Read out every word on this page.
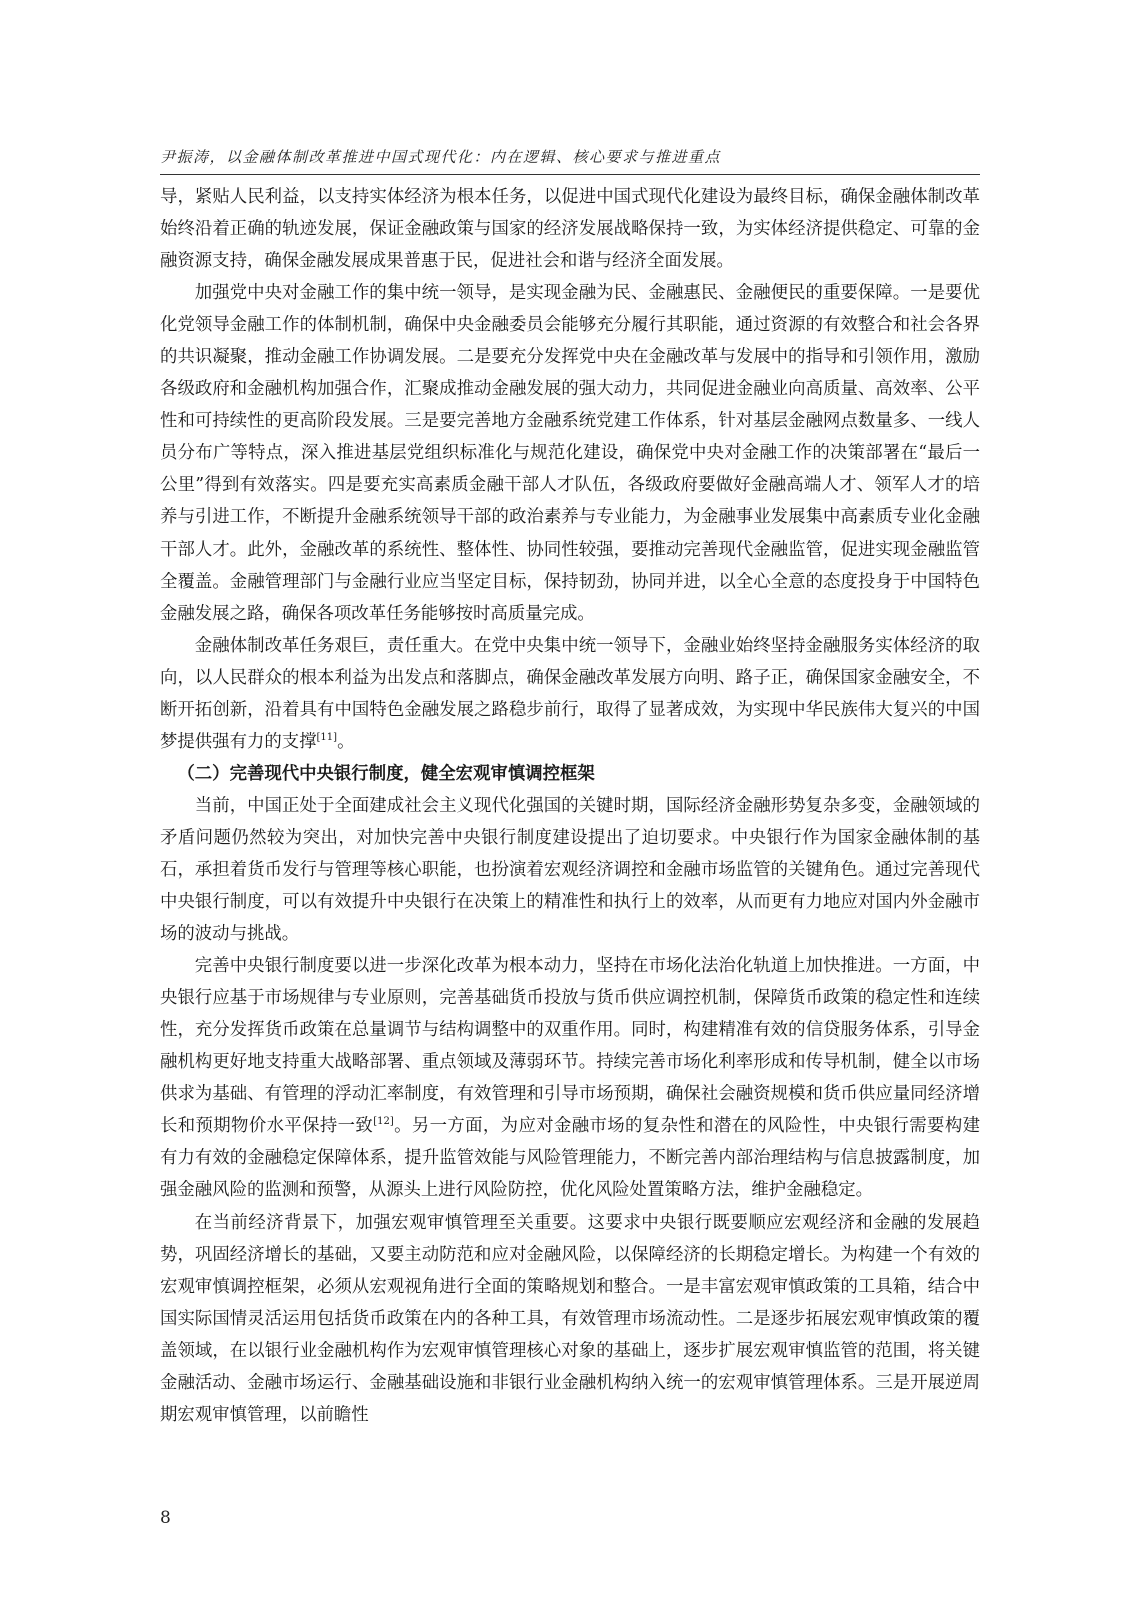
尹振涛，以金融体制改革推进中国式现代化：内在逻辑、核心要求与推进重点

导，紧贴人民利益，以支持实体经济为根本任务，以促进中国式现代化建设为最终目标，确保金融体制改革始终沿着正确的轨迹发展，保证金融政策与国家的经济发展战略保持一致，为实体经济提供稳定、可靠的金融资源支持，确保金融发展成果普惠于民，促进社会和谐与经济全面发展。

加强党中央对金融工作的集中统一领导，是实现金融为民、金融惠民、金融便民的重要保障。一是要优化党领导金融工作的体制机制，确保中央金融委员会能够充分履行其职能，通过资源的有效整合和社会各界的共识凝聚，推动金融工作协调发展。二是要充分发挥党中央在金融改革与发展中的指导和引领作用，激励各级政府和金融机构加强合作，汇聚成推动金融发展的强大动力，共同促进金融业向高质量、高效率、公平性和可持续性的更高阶段发展。三是要完善地方金融系统党建工作体系，针对基层金融网点数量多、一线人员分布广等特点，深入推进基层党组织标准化与规范化建设，确保党中央对金融工作的决策部署在“最后一公里”得到有效落实。四是要充实高素质金融干部人才队伍，各级政府要做好金融高端人才、领军人才的培养与引进工作，不断提升金融系统领导干部的政治素养与专业能力，为金融事业发展集中高素质专业化金融干部人才。此外，金融改革的系统性、整体性、协同性较强，要推动完善现代金融监管，促进实现金融监管全覆盖。金融管理部门与金融行业应当坚定目标，保持韧劲，协同并进，以全心全意的态度投身于中国特色金融发展之路，确保各项改革任务能够按时高质量完成。

金融体制改革任务艰巨，责任重大。在党中央集中统一领导下，金融业始终坚持金融服务实体经济的取向，以人民群众的根本利益为出发点和落脚点，确保金融改革发展方向明、路子正，确保国家金融安全，不断开拓创新，沿着具有中国特色金融发展之路稳步前行，取得了显著成效，为实现中华民族伟大复兴的中国梦提供强有力的支撑[11]。

（二）完善现代中央银行制度，健全宏观审慎调控框架

当前，中国正处于全面建成社会主义现代化强国的关键时期，国际经济金融形势复杂多变，金融领域的矛盾问题仍然较为突出，对加快完善中央银行制度建设提出了迫切要求。中央银行作为国家金融体制的基石，承担着货币发行与管理等核心职能，也扮演着宏观经济调控和金融市场监管的关键角色。通过完善现代中央银行制度，可以有效提升中央银行在决策上的精准性和执行上的效率，从而更有力地应对国内外金融市场的波动与挑战。

完善中央银行制度要以进一步深化改革为根本动力，坚持在市场化法治化轨道上加快推进。一方面，中央银行应基于市场规律与专业原则，完善基础货币投放与货币供应调控机制，保障货币政策的稳定性和连续性，充分发挥货币政策在总量调节与结构调整中的双重作用。同时，构建精准有效的信贷服务体系，引导金融机构更好地支持重大战略部署、重点领域及薄弱环节。持续完善市场化利率形成和传导机制，健全以市场供求为基础、有管理的浮动汇率制度，有效管理和引导市场预期，确保社会融资规模和货币供应量同经济增长和预期物价水平保持一致[12]。另一方面，为应对金融市场的复杂性和潜在的风险性，中央银行需要构建有力有效的金融稳定保障体系，提升监管效能与风险管理能力，不断完善内部治理结构与信息披露制度，加强金融风险的监测和预警，从源头上进行风险防控，优化风险处置策略方法，维护金融稳定。

在当前经济背景下，加强宏观审慎管理至关重要。这要求中央银行既要顺应宏观经济和金融的发展趋势，巩固经济增长的基础，又要主动防范和应对金融风险，以保障经济的长期稳定增长。为构建一个有效的宏观审慎调控框架，必须从宏观视角进行全面的策略规划和整合。一是丰富宏观审慎政策的工具箱，结合中国实际国情灵活运用包括货币政策在内的各种工具，有效管理市场流动性。二是逐步拓展宏观审慎政策的覆盖领域，在以银行业金融机构作为宏观审慎管理核心对象的基础上，逐步扩展宏观审慎监管的范围，将关键金融活动、金融市场运行、金融基础设施和非银行业金融机构纳入统一的宏观审慎管理体系。三是开展逆周期宏观审慎管理，以前瞻性

8
